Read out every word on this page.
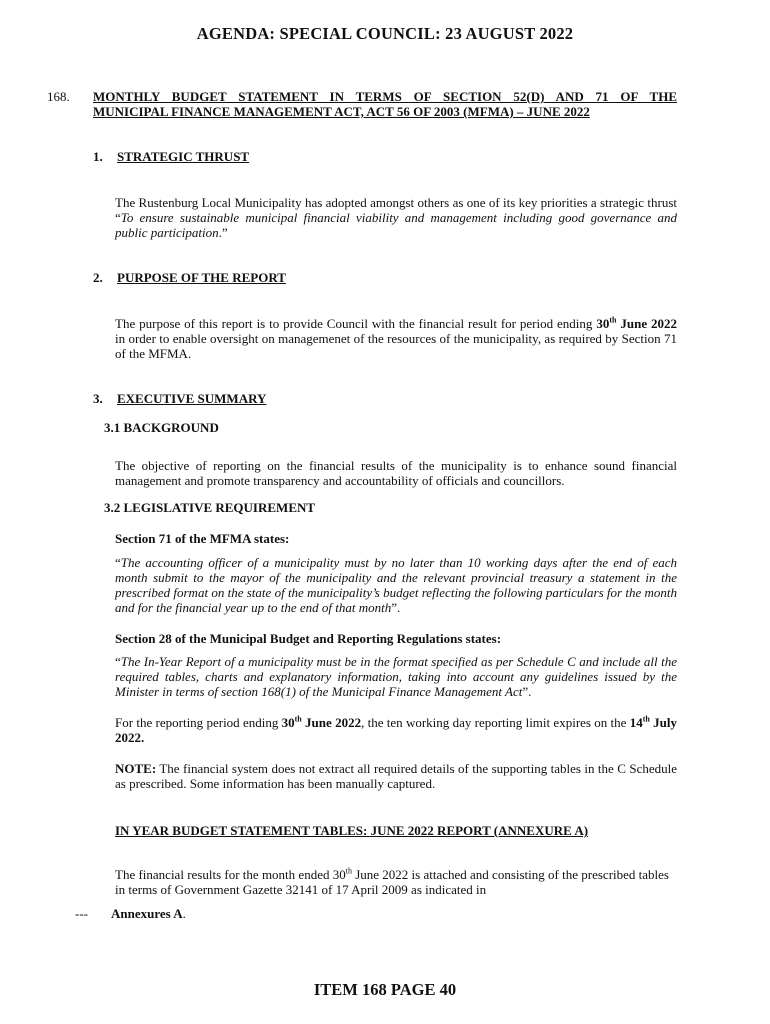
AGENDA: SPECIAL COUNCIL: 23 AUGUST 2022
168. MONTHLY BUDGET STATEMENT IN TERMS OF SECTION 52(D) AND 71 OF THE
MUNICIPAL FINANCE MANAGEMENT ACT, ACT 56 OF 2003 (MFMA) – JUNE 2022
1. STRATEGIC THRUST

The Rustenburg Local Municipality has adopted amongst others as one of its key priorities a strategic thrust “To ensure sustainable municipal financial viability and management including good governance and public participation.”

2. PURPOSE OF THE REPORT

The purpose of this report is to provide Council with the financial result for period ending 30th June 2022 in order to enable oversight on managemenet of the resources of the municipality, as required by Section 71 of the MFMA.

3. EXECUTIVE SUMMARY
3.1 BACKGROUND

The objective of reporting on the financial results of the municipality is to enhance sound financial management and promote transparency and accountability of officials and councillors.

3.2 LEGISLATIVE REQUIREMENT
Section 71 of the MFMA states:

“The accounting officer of a municipality must by no later than 10 working days after the end of each month submit to the mayor of the municipality and the relevant provincial treasury a statement in the prescribed format on the state of the municipality’s budget reflecting the following particulars for the month and for the financial year up to the end of that month”.

Section 28 of the Municipal Budget and Reporting Regulations states:

“The In-Year Report of a municipality must be in the format specified as per Schedule C and include all the required tables, charts and explanatory information, taking into account any guidelines issued by the Minister in terms of section 168(1) of the Municipal Finance Management Act”.

For the reporting period ending 30th June 2022, the ten working day reporting limit expires on the 14th July 2022.

NOTE: The financial system does not extract all required details of the supporting tables in the C Schedule as prescribed. Some information has been manually captured.

IN YEAR BUDGET STATEMENT TABLES: JUNE 2022 REPORT (ANNEXURE A)

The financial results for the month ended 30th June 2022 is attached and consisting of the prescribed tables in terms of Government Gazette 32141 of 17 April 2009 as indicated in

--- Annexures A.
ITEM 168 PAGE 40
